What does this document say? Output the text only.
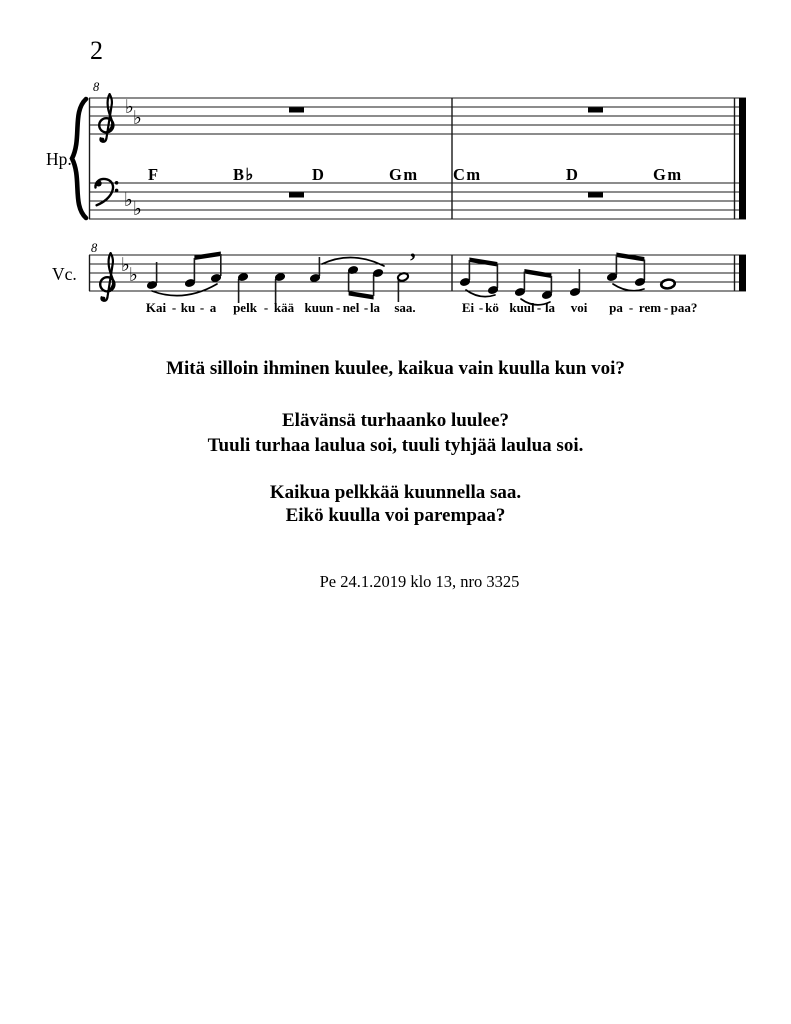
2
♭ ♭
♭ ♭
♭ ♭
F	B♭	D	Gm Cm	D	Gm
8
8
Hp.
Vc.
,
Kai - ku - a pelk - kää kuun - nel - la saa.	Ei - kö kuul - la voi pa - rem - paa?
Mitä silloin ihminen kuulee, kaikua vain kuulla kun voi?
Elävänsä turhaanko luulee?
Tuuli turhaa laulua soi, tuuli tyhjää laulua soi.
Kaikua pelkkää kuunnella saa.
Eikö kuulla voi parempaa?
Pe 24.1.2019 klo 13, nro 3325
